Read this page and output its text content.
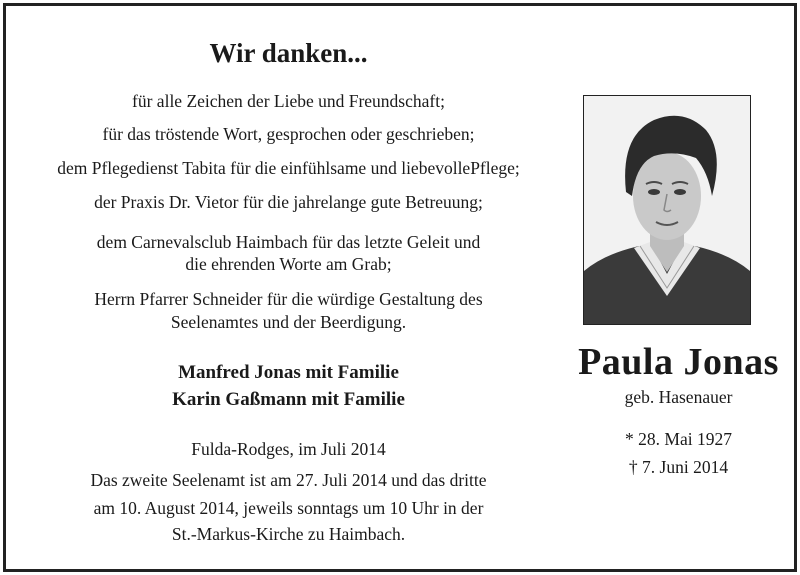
Wir danken...
für alle Zeichen der Liebe und Freundschaft;
für das tröstende Wort, gesprochen oder geschrieben;
dem Pflegedienst Tabita für die einfühlsame und liebevollePflege;
der Praxis Dr. Vietor für die jahrelange gute Betreuung;
dem Carnevalsclub Haimbach für das letzte Geleit und
die ehrenden Worte am Grab;
Herrn Pfarrer Schneider für die würdige Gestaltung des
Seelenamtes und der Beerdigung.
Manfred Jonas mit Familie
Karin Gaßmann mit Familie
Fulda-Rodges, im Juli 2014
Das zweite Seelenamt ist am 27. Juli 2014 und das dritte
am 10. August 2014, jeweils sonntags um 10 Uhr in der
St.-Markus-Kirche zu Haimbach.
Paula Jonas
geb. Hasenauer
* 28. Mai 1927
† 7. Juni 2014
